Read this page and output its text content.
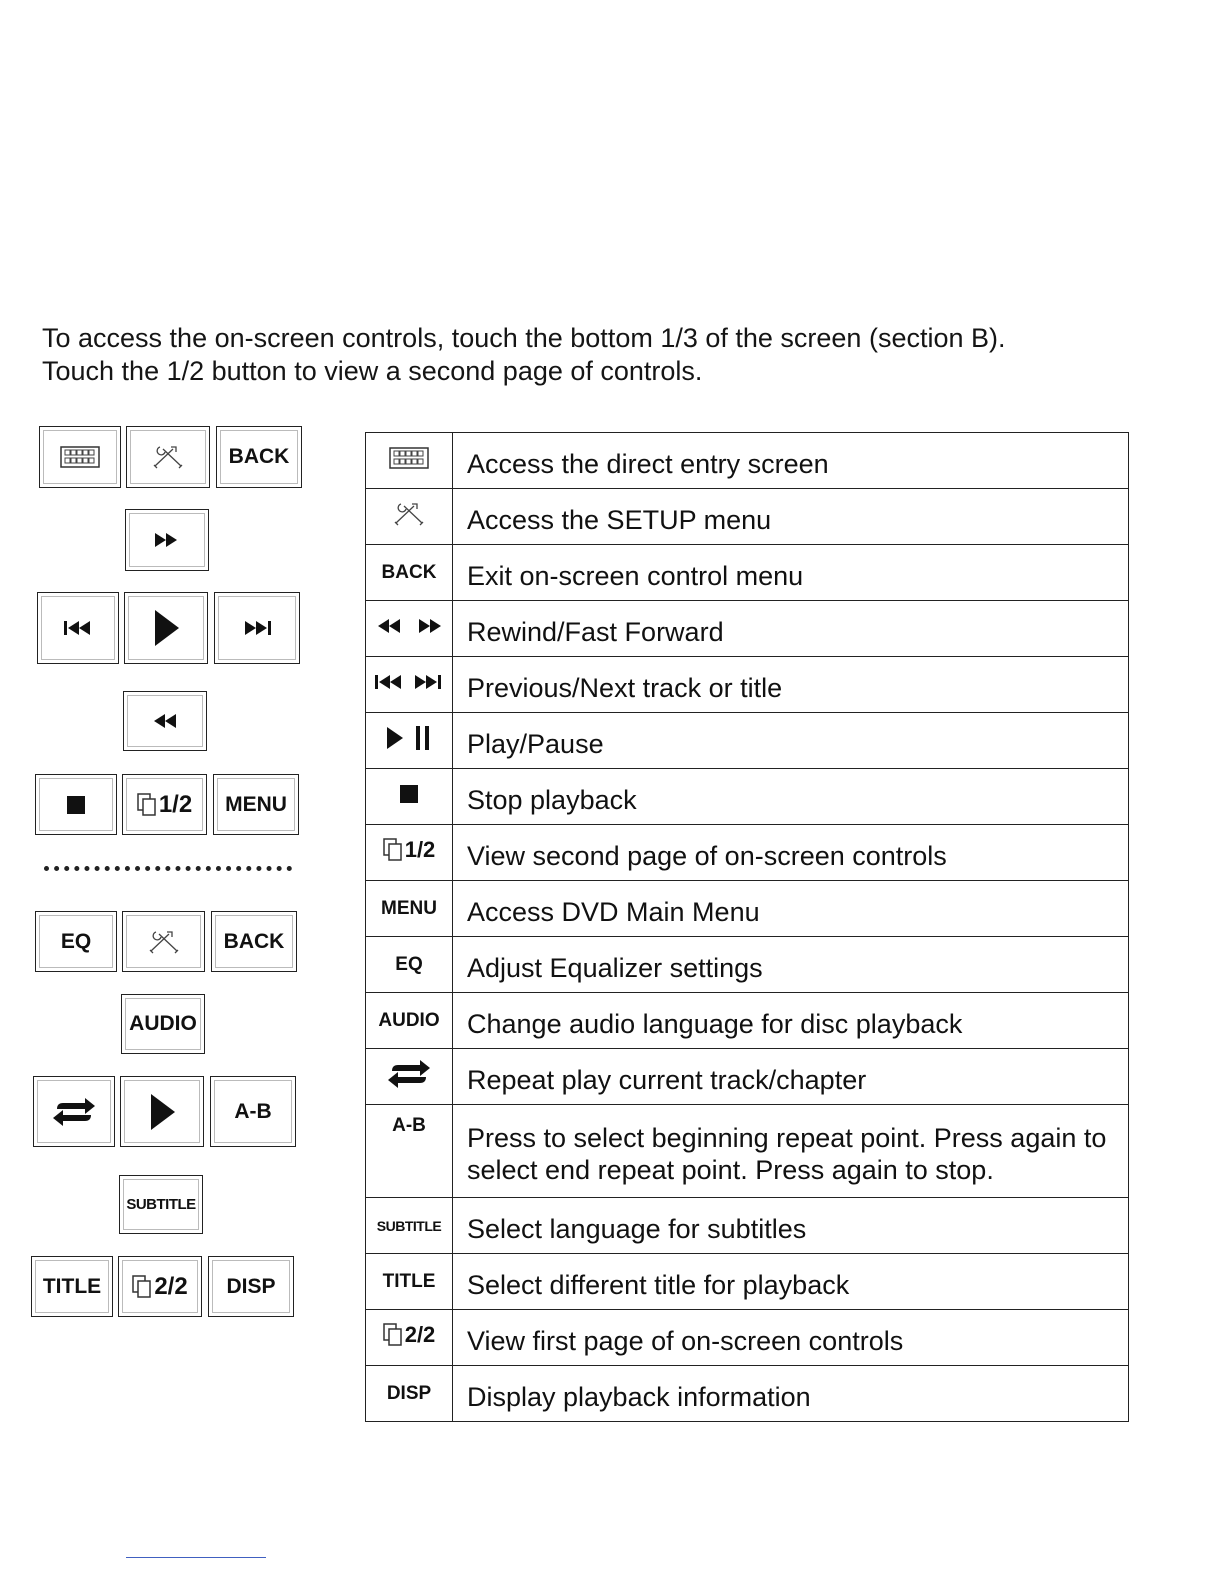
To access the on-screen controls, touch the bottom 1/3 of the screen (section B).

Touch the 1/2 button to view a second page of controls.

BACK
1/2 MENU
EQ	BACK
AUDIO
A-B
SUBTITLE
TITLE 2/2 DISP
	Access the direct entry screen
	Access the SETUP menu
BACK	Exit on-screen control menu
	Rewind/Fast Forward
	Previous/Next track or title
	Play/Pause
	Stop playback

1/2	View second page of on-screen controls
MENU	Access DVD Main Menu
EQ	Adjust Equalizer settings
AUDIO	Change audio language for disc playback
	Repeat play current track/chapter
A-B	Press to select beginning repeat point. Press again to select end repeat point. Press again to stop.
SUBTITLE	Select language for subtitles
TITLE	Select different title for playback

2/2	View first page of on-screen controls
DISP	Display playback information
